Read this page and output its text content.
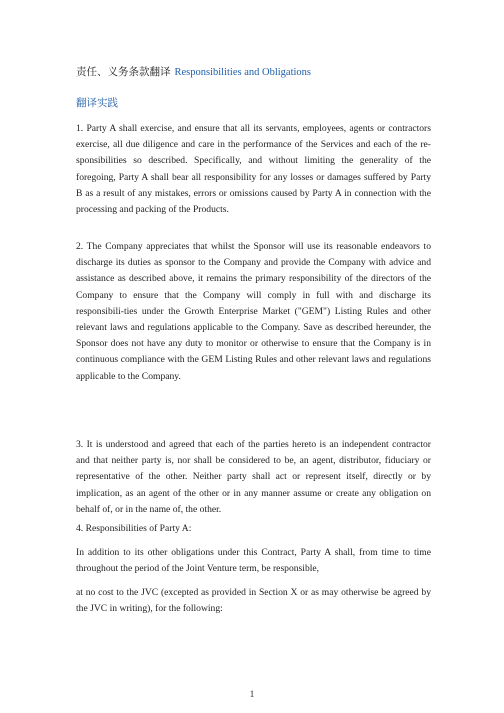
责任、义务条款翻译 Responsibilities and Obligations
翻译实践

1. Party A shall exercise, and ensure that all its servants, employees, agents or contractors exercise, all due diligence and care in the performance of the Services and each of the re-sponsibilities so described. Specifically, and without limiting the generality of the foregoing, Party A shall bear all responsibility for any losses or damages suffered by Party B as a result of any mistakes, errors or omissions caused by Party A in connection with the processing and packing of the Products.

2. The Company appreciates that whilst the Sponsor will use its reasonable endeavors to discharge its duties as sponsor to the Company and provide the Company with advice and assistance as described above, it remains the primary responsibility of the directors of the Company to ensure that the Company will comply in full with and discharge its responsibili-ties under the Growth Enterprise Market ("GEM") Listing Rules and other relevant laws and regulations applicable to the Company. Save as described hereunder, the Sponsor does not have any duty to monitor or otherwise to ensure that the Company is in continuous compliance with the GEM Listing Rules and other relevant laws and regulations applicable to the Company.

3. It is understood and agreed that each of the parties hereto is an independent contractor and that neither party is, nor shall be considered to be, an agent, distributor, fiduciary or representative of the other. Neither party shall act or represent itself, directly or by implication, as an agent of the other or in any manner assume or create any obligation on behalf of, or in the name of, the other.

4. Responsibilities of Party A:

In addition to its other obligations under this Contract, Party A shall, from time to time throughout the period of the Joint Venture term, be responsible,

at no cost to the JVC (excepted as provided in Section X or as may otherwise be agreed by the JVC in writing), for the following:

1
